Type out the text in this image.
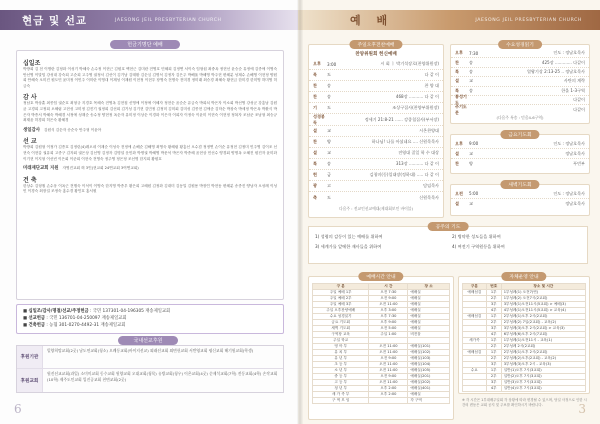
현금 및 선교	JAESONG JEIL PRESBYTERIAN CHURCH
헌금기명단 예배
십일조
박방희 김 천 이명란 김정화 이성기 박혜숙 손수정 이현근 김원호 백현근 김미란 전영호 민혜희 김정연 서이숙 임형섭 최중옥 정현선 윤승순 유정애 김종애 이영숙 안선영 이말임 강성대 강숙희 고순희 고주영 권정서 김선이 김기남 김태환 김순심 김명석 김정자 김은주 박해율 박혜영 박주현 변혜분 성재수 손해영 이현정 양원희 안혜숙 오미진 원도민 윤미정 이민주 이미란 이영대 이재성 이재원 이현정 이현우 장영숙 전명숙 전미경 정미래 최승경 최혜숙 황현금 한미경 한미영 허미영 허금숙
감 사
정남호 박상훈 최종임 권순호 최형규 지경호 목혜숙 전영옥 김현집 신영애 이정애 이혜자 정현순 윤순순 유금숙 박희치 박은자 이소회 박선영 강성군 강흥남 김원균 고경희 고정희 오혜림 고현성 고미정 김진기 권정희 김선희 김기성 김기현 김민정 김정미 김미회 김미성 김종현 김애준 김학순 박창숙 박세정 박은옥 박환식 박은자 박종서 박혜숙 박혜경 서정애 성재순 송수정 양현정 옥순자 유미정 이상순 이경화 이은자 이희자 이정숙 이윤미 이현숙 이현정 정복자 조남준 조남형 최승규 최재윤 허경희 허은숙 황혜경
생일감사 김원식 김순자 송순숙 안주형 이윤아
선 교
박방희 김원형 이정가 김종호 김정린(4)레오네 이재순 이성숙 전정애 손해순 김해영 최영숙 황혜림 황흥선 오수겸 정정연 손이순 유정현 김정미 민주영 김이조 선현숙 이현갑 권유희 고종구 김자회 권은상 김선영 김정자 김명셜 운민화 박명권 박혜영 박문석 박은자 박종혜 윤현상 민선수 양경회 양명옥 오혜진 원진자 윤미화 이기현 이지형 이선빈 이은회 이준희 이현숙 전영숙 정주영 정은정 조선명 한지희 황원호
미래재단교회 지원 자영진교회 외 3인(현교회 24연교회 3여연교회)
건 축
한상수 김형철 손수웅 이옥근 전행숙 이석이 이영숙 한지영 박종우 황은희 고혜원 김정화 김대미 김동일 김원용 박장인 박현동 변혜분 송종진 양남자 오성례 이성민 이경숙 최장걸 조정숙 홍수경 황인호 홍서원
■ 십일조/감사/명절/선교/주정헌금 : 국민 137301-04-196305 재송제일교회
■ 선교헌금 : 국민 136701-04-250097 재송제일교회
■ 건축헌금 : 농협 301-0270-4492-31 재송제일교회
국내선교후원
후원기관
밀양희망교회(2곳) 남도연교회(청소) 오례동교회(바이지선교) 외래선교회 외면헌교회 서반영교회 평신교회 해기원교회(학생)
후원교회
원진선교교회(과일) 소미미교회 동수교회 원양교회 오대교회(청목) 유방교회(청우) 이은교회(4곳) 순제석교회(7학) 전동교회(4학) 손작교회(10학) 제주도인교회 입진공교회 천면교회(2곳)
6
예 배	JAESONG JEIL PRESBYTERIAN CHURCH
주일오후전찬예배
찬양위원회 헌신예배
오후	3:00	시 회 ㅣ 박기석장로(찬양위원장)
묵	도	다 같 이
찬	송	찬 양 대
찬	송	468장 ........... 다 같 이
기	도	조상구집사(찬양부위원장)
성경봉독
정세기 21:8-21 ...... 강종철집사(부서장)
설	교	시온찬양대
찬	양	하나님! 나를 아셨네요 .... 신원목목사
설	교	전영대 질일 학 수 대상
특	송	313장 ........... 다 같 이
헌	금	김청미(동)입대장(정하대) ..... 다 같 이
광	고	담임목사
축	도	신원목목사
다음주 : 전교인선교예대(제대회보인 바이블)
수요성경읽기
오후	7:30	인도 : 정남호목사
찬	송	425장 ............. 다같이
특	송	열왕기상 2:13-25 .. 정남호목사
설	교	사탄의 계략
특	송	한울 1-3구역
통성기도
다같이
주기도문
다같이
(다음주 특송 : 믿음4-6구역)
금요기도회
오후	9:00	인도 : 정남호목사
설	교	정남호목사
찬	양	푸빈부
새벽기도회
오전	5:00	인도 : 정남호목사
설	교	정남호목사
공주의 기도
1) 성령의 감동이 있는 예배를 위하여	2) 병약한 성도들을 위하여
3) 세계가를 앞에한 재사들을 위하여	4) 여전기 구역원등을 위하여
예배시간 안내
구 분	시 간	장 소
주일 예배 1부	오전 7:30	예배실
주일 예배 2부	오전 9:00	예배실
주일 예배 3부	오전 11:00	예배실
주일 오후찬양예배	오후 3:00	예배실
수요 성경읽기	오후 7:30	예배실
금요 기도회	오후 9:00	예배실
새벽 기도회	오전 5:00	예배실
구역장 교육	주일 1:00	비전홀
주일 학교		
영 아 부	오전 11:00	예배실(101)
유 치 부	오전 11:00	예배실(102)
유 년 부	오전 9:00	예배실(103)
초 등 부	오전 11:00	예배실(104)
소 년 부	오전 11:00	예배실(105)
중 등 부	오전 9:00	예배실(201)
고 등 부	오전 11:00	예배실(202)
청 년 부	오후 2:00	예배실(401)
새 가 족 부	오후 2:00	예배실
구 역 모 임		각 구역
자체운영 안내
구분	번호	장소 및 시간
예배섬김	1부	1부성례(1) 오전7(연)
	2부	1부성례(2) 오전7시(2교회)
	3부	3부성례(1)오전11시(5교회) > 예배(3)
	4부	4부성례(1)오전11시(5교회) > 교육(4)
예배섬김	1부	2부성례(1)오후 2시(2교회)
	2부	2부성례(2) 7일(2교회) - 교육(2)
	3부	3부성례(3)오후 2시(2교회) > 교육(3)
	4부	6부성례(6)오후 2시(7교회)
새가족	1부	1부성례(1)오전11시 - 교육(1)
	2부	2부성례 2시(2교회)
예배섬김	1부	2부성례(1)오후 2시(2교회)
	2부	2부성례(2)오후(2교회) - 교육(2)
	3부	3부성례(3)오후 2시 - 교육(3)
수요	1부	일반(1)오후 7시(3교회)
	2부	일반(2)오후 7시(3교회)
	3부	일반(3)오후 7시(3교회)
	4부	일반(4)오후 7시(3교회)
※ 각 시간은 1부대배주일회 각 상황에 따라 변경될 수 있으며, 당일 사정으로 인한 시간의 변동은 교회 공지 및 주보를 확인하시기 바랍니다.	3
